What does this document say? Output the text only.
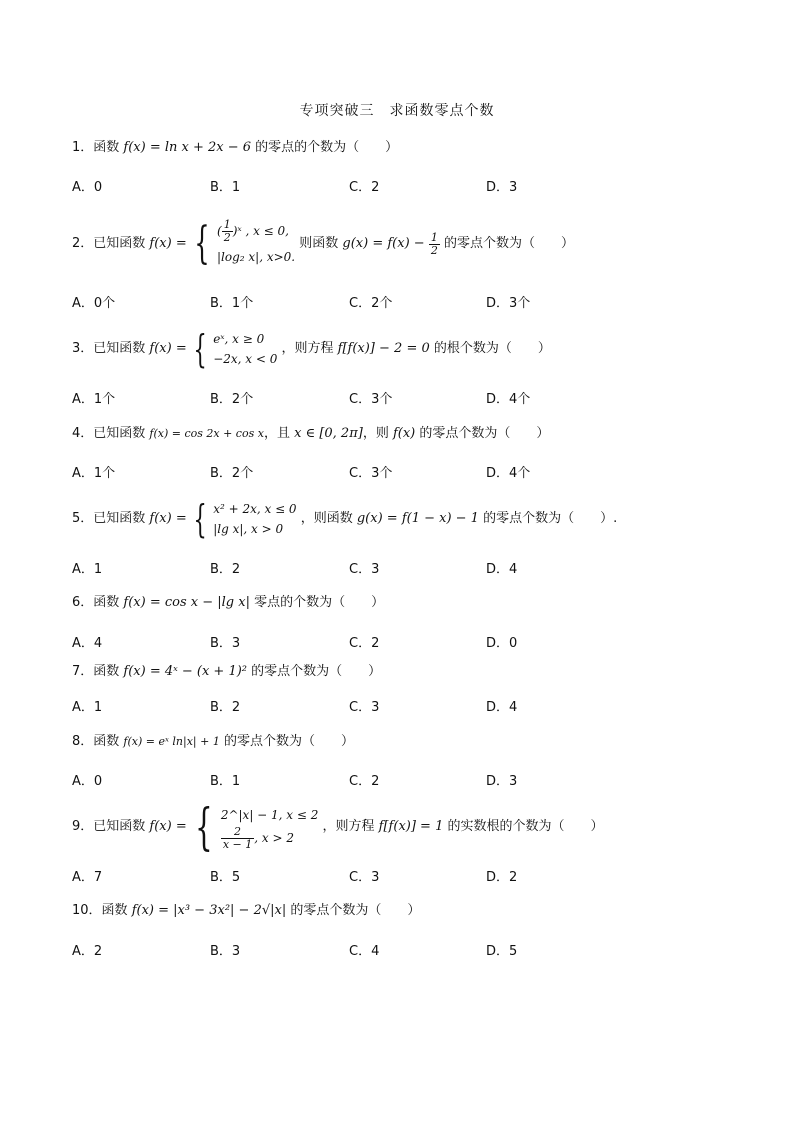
专项突破三　求函数零点个数
1．函数 f(x) = ln x + 2x − 6 的零点的个数为（　　）
A．0	B．1	C．2	D．3
2．已知函数 f(x) = { ( $\frac{1}{2}$ )ˣ , x ≤ 0,
|log₂ x|, x>0.
则函数 $g(x) = f(x) - \frac{1}{2}$ 的零点个数为（　　）
A．0个	B．1个	C．2个	D．3个
3．已知函数 f(x) = { eˣ, x ≥ 0
−2x, x < 0
，则方程 f[f(x)] − 2 = 0 的根个数为（　　）
A．1个	B．2个	C．3个	D．4个
4．已知函数 f(x) = cos 2x + cos x，且 x ∈ [0, 2π]，则 f(x) 的零点个数为（　　）
A．1个	B．2个	C．3个	D．4个
5．已知函数 f(x) = { x² + 2x, x ≤ 0
|lg x|, x > 0
，则函数 g(x) = f(1 − x) − 1 的零点个数为（　　）.
A．1	B．2	C．3	D．4
6．函数 f(x) = cos x − |lg x| 零点的个数为（　　）
A．4	B．3	C．2	D．0
7．函数 f(x) = 4ˣ − (x + 1)² 的零点个数为（　　）
A．1	B．2	C．3	D．4
8．函数 f(x) = eˣ ln|x| + 1 的零点个数为（　　）
A．0	B．1	C．2	D．3
9．已知函数 f(x) = { 2^|x| − 1, x ≤ 2
$\frac{2}{x - 1}$ , x > 2
，则方程 f[f(x)] = 1 的实数根的个数为（　　）
A．7	B．5	C．3	D．2
10．函数 f(x) = |x³ − 3x²| − 2√|x| 的零点个数为（　　）
A．2	B．3	C．4	D．5
